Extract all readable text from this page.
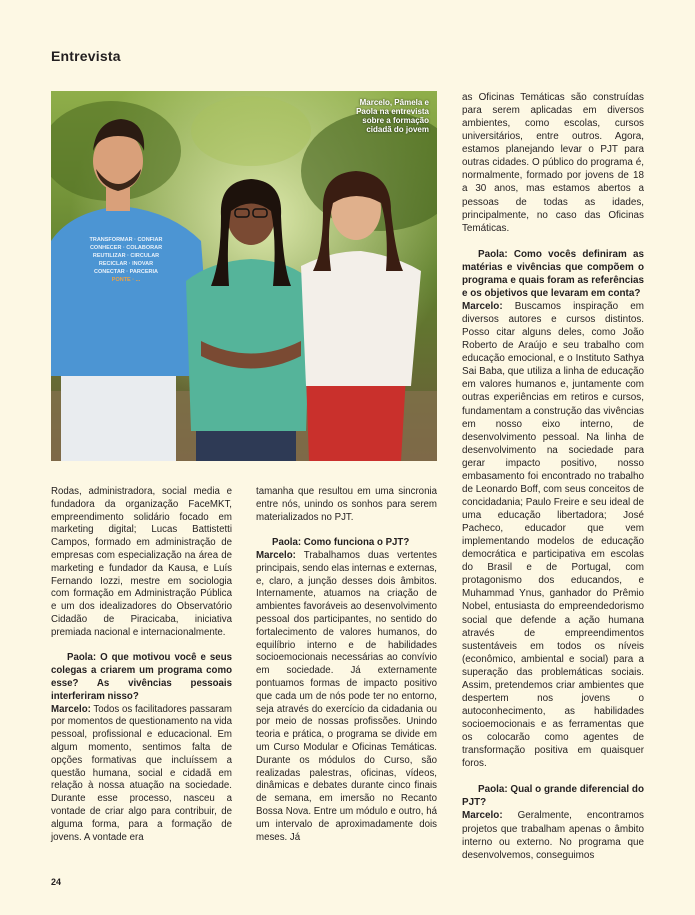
Entrevista
TRANSFORMAR · CONFIAR
CONHECER · COLABORAR
REUTILIZAR · CIRCULAR
RECICLAR · INOVAR
CONECTAR · PARCERIA
PONTE · ...
Marcelo, Pâmela e
Paola na entrevista
sobre a formação
cidadã do jovem

Rodas, administradora, social media e fundadora da organização FaceMKT, empreendimento solidário focado em marketing digital; Lucas Battistetti Campos, formado em administração de empresas com especialização na área de marketing e fundador da Kausa, e Luís Fernando Iozzi, mestre em sociologia com formação em Administração Pública e um dos idealizadores do Observatório Cidadão de Piracicaba, iniciativa premiada nacional e internacionalmente.

Paola: O que motivou você e seus colegas a criarem um programa como esse? As vivências pessoais interferiram nisso?

Marcelo: Todos os facilitadores passaram por momentos de questionamento na vida pessoal, profissional e educacional. Em algum momento, sentimos falta de opções formativas que incluíssem a questão humana, social e cidadã em relação à nossa atuação na sociedade. Durante esse processo, nasceu a vontade de criar algo para contribuir, de alguma forma, para a formação de jovens. A vontade era

tamanha que resultou em uma sincronia entre nós, unindo os sonhos para serem materializados no PJT.

Paola: Como funciona o PJT?

Marcelo: Trabalhamos duas vertentes principais, sendo elas internas e externas, e, claro, a junção desses dois âmbitos. Internamente, atuamos na criação de ambientes favoráveis ao desenvolvimento pessoal dos participantes, no sentido do fortalecimento de valores humanos, do equilíbrio interno e de habilidades socioemocionais necessárias ao convívio em sociedade. Já externamente pontuamos formas de impacto positivo que cada um de nós pode ter no entorno, seja através do exercício da cidadania ou por meio de nossas profissões. Unindo teoria e prática, o programa se divide em um Curso Modular e Oficinas Temáticas. Durante os módulos do Curso, são realizadas palestras, oficinas, vídeos, dinâmicas e debates durante cinco finais de semana, em imersão no Recanto Bossa Nova. Entre um módulo e outro, há um intervalo de aproximadamente dois meses. Já

as Oficinas Temáticas são construídas para serem aplicadas em diversos ambientes, como escolas, cursos universitários, entre outros. Agora, estamos planejando levar o PJT para outras cidades. O público do programa é, normalmente, formado por jovens de 18 a 30 anos, mas estamos abertos a pessoas de todas as idades, principalmente, no caso das Oficinas Temáticas.

Paola: Como vocês definiram as matérias e vivências que compõem o programa e quais foram as referências e os objetivos que levaram em conta?

Marcelo: Buscamos inspiração em diversos autores e cursos distintos. Posso citar alguns deles, como João Roberto de Araújo e seu trabalho com educação emocional, e o Instituto Sathya Sai Baba, que utiliza a linha de educação em valores humanos e, juntamente com outras experiências em retiros e cursos, fundamentam a construção das vivências em nosso eixo interno, de desenvolvimento pessoal. Na linha de desenvolvimento na sociedade para gerar impacto positivo, nosso embasamento foi encontrado no trabalho de Leonardo Boff, com seus conceitos de concidadania; Paulo Freire e seu ideal de uma educação libertadora; José Pacheco, educador que vem implementando modelos de educação democrática e participativa em escolas do Brasil e de Portugal, com protagonismo dos educandos, e Muhammad Ynus, ganhador do Prêmio Nobel, entusiasta do empreendedorismo social que defende a ação humana através de empreendimentos sustentáveis em todos os níveis (econômico, ambiental e social) para a superação das problemáticas sociais. Assim, pretendemos criar ambientes que despertem nos jovens o autoconhecimento, as habilidades socioemocionais e as ferramentas que os colocarão como agentes de transformação positiva em quaisquer foros.

Paola: Qual o grande diferencial do PJT?

Marcelo: Geralmente, encontramos projetos que trabalham apenas o âmbito interno ou externo. No programa que desenvolvemos, conseguimos

24
